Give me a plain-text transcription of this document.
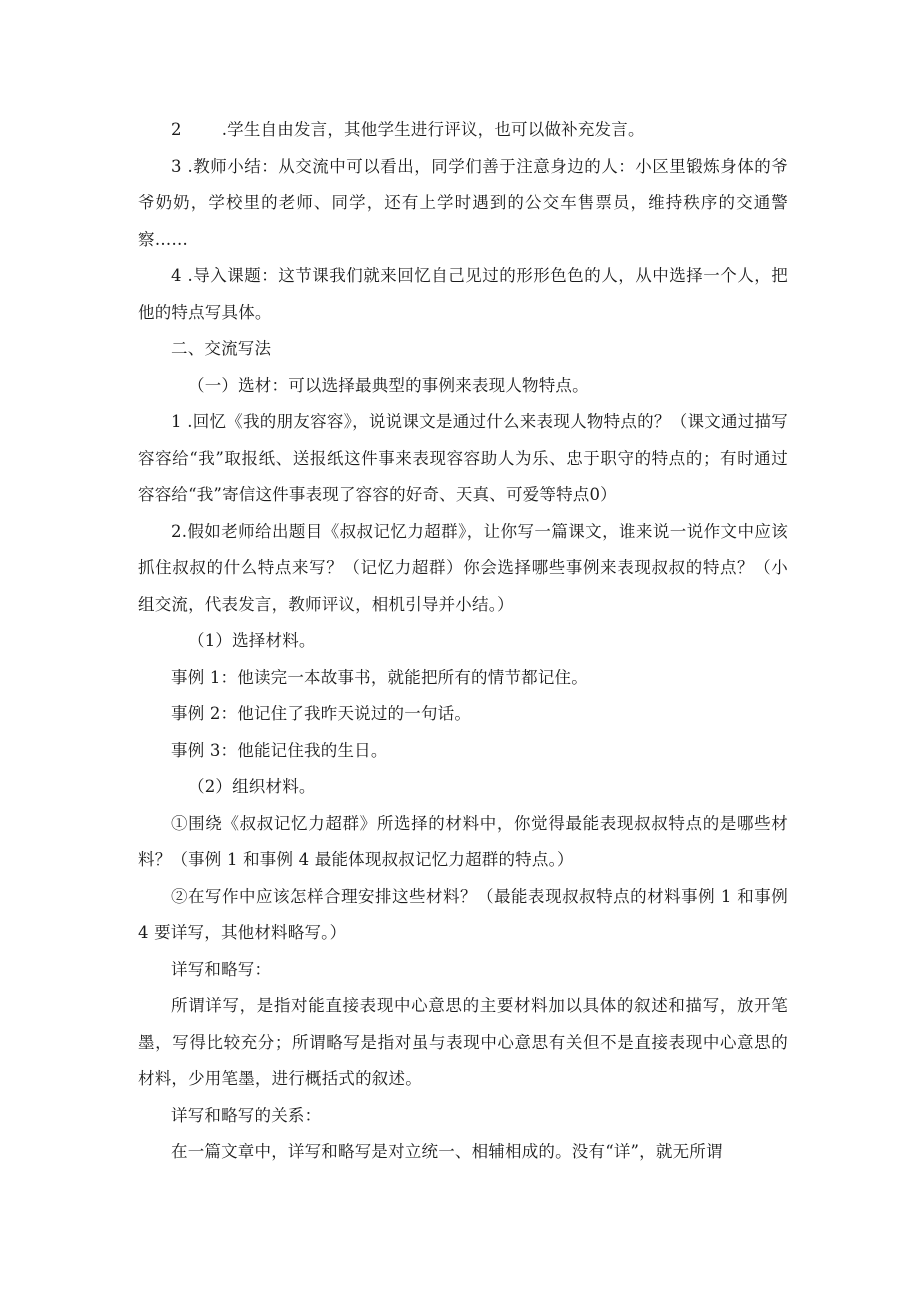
2 .学生自由发言，其他学生进行评议，也可以做补充发言。

3 .教师小结：从交流中可以看出，同学们善于注意身边的人：小区里锻炼身体的爷爷奶奶，学校里的老师、同学，还有上学时遇到的公交车售票员，维持秩序的交通警察……

4 .导入课题：这节课我们就来回忆自己见过的形形色色的人，从中选择一个人，把他的特点写具体。

二、交流写法

（一）选材：可以选择最典型的事例来表现人物特点。

1 .回忆《我的朋友容容》，说说课文是通过什么来表现人物特点的？（课文通过描写容容给“我”取报纸、送报纸这件事来表现容容助人为乐、忠于职守的特点的；有时通过容容给“我”寄信这件事表现了容容的好奇、天真、可爱等特点0）

2.假如老师给出题目《叔叔记忆力超群》，让你写一篇课文，谁来说一说作文中应该抓住叔叔的什么特点来写？（记忆力超群）你会选择哪些事例来表现叔叔的特点？（小组交流，代表发言，教师评议，相机引导并小结。）

（1）选择材料。

事例 1：他读完一本故事书，就能把所有的情节都记住。

事例 2：他记住了我昨天说过的一句话。

事例 3：他能记住我的生日。

（2）组织材料。

①围绕《叔叔记忆力超群》所选择的材料中，你觉得最能表现叔叔特点的是哪些材料？（事例 1 和事例 4 最能体现叔叔记忆力超群的特点。）

②在写作中应该怎样合理安排这些材料？（最能表现叔叔特点的材料事例 1 和事例 4 要详写，其他材料略写。）

详写和略写：

所谓详写，是指对能直接表现中心意思的主要材料加以具体的叙述和描写，放开笔墨，写得比较充分；所谓略写是指对虽与表现中心意思有关但不是直接表现中心意思的材料，少用笔墨，进行概括式的叙述。

详写和略写的关系：

在一篇文章中，详写和略写是对立统一、相辅相成的。没有“详”，就无所谓
